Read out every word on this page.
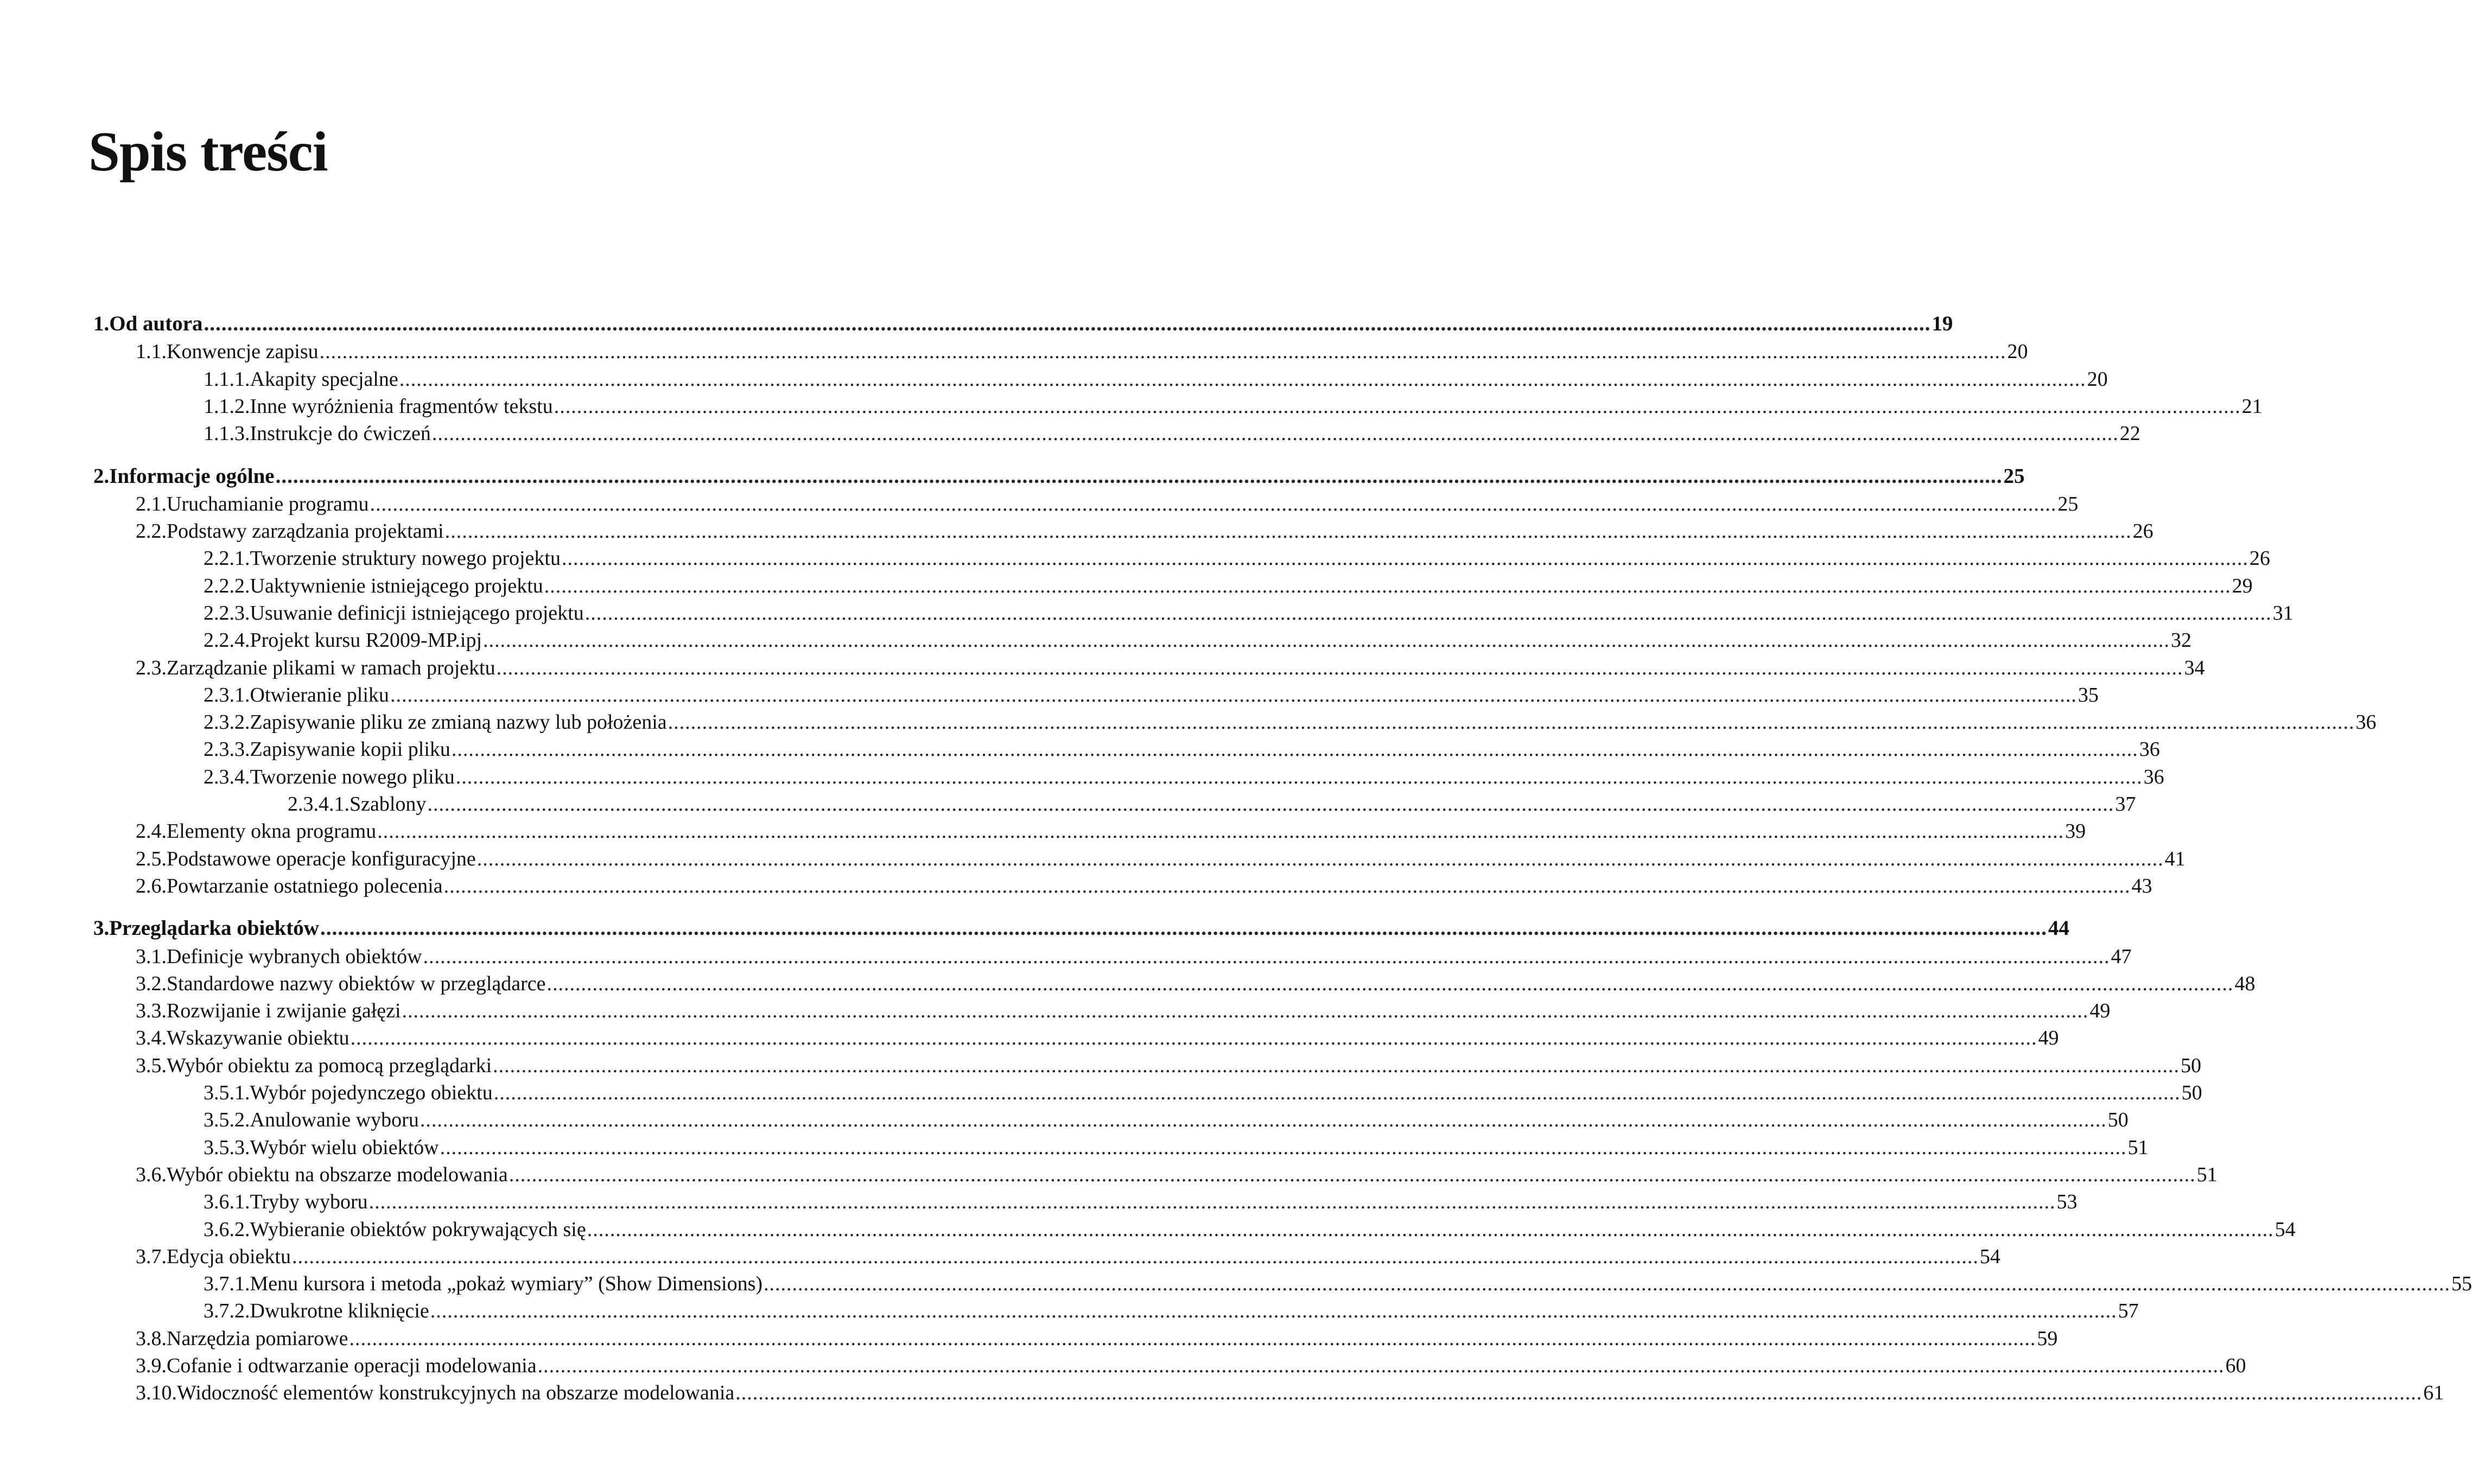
Spis treści
1. Od autora ........................................................................................................................................................................................................................................................................................................ 19
1.1. Konwencje zapisu ........................................................................................................................................................................................................................................................................................................ 20
1.1.1. Akapity specjalne ........................................................................................................................................................................................................................................................................................................ 20
1.1.2. Inne wyróżnienia fragmentów tekstu ........................................................................................................................................................................................................................................................................................................ 21
1.1.3. Instrukcje do ćwiczeń ........................................................................................................................................................................................................................................................................................................ 22
2. Informacje ogólne ........................................................................................................................................................................................................................................................................................................ 25
2.1. Uruchamianie programu ........................................................................................................................................................................................................................................................................................................ 25
2.2. Podstawy zarządzania projektami ........................................................................................................................................................................................................................................................................................................ 26
2.2.1. Tworzenie struktury nowego projektu ........................................................................................................................................................................................................................................................................................................ 26
2.2.2. Uaktywnienie istniejącego projektu ........................................................................................................................................................................................................................................................................................................ 29
2.2.3. Usuwanie definicji istniejącego projektu ........................................................................................................................................................................................................................................................................................................ 31
2.2.4. Projekt kursu R2009-MP.ipj ........................................................................................................................................................................................................................................................................................................ 32
2.3. Zarządzanie plikami w ramach projektu ........................................................................................................................................................................................................................................................................................................ 34
2.3.1. Otwieranie pliku ........................................................................................................................................................................................................................................................................................................ 35
2.3.2. Zapisywanie pliku ze zmianą nazwy lub położenia ........................................................................................................................................................................................................................................................................................................ 36
2.3.3. Zapisywanie kopii pliku ........................................................................................................................................................................................................................................................................................................ 36
2.3.4. Tworzenie nowego pliku ........................................................................................................................................................................................................................................................................................................ 36
2.3.4.1. Szablony ........................................................................................................................................................................................................................................................................................................ 37
2.4. Elementy okna programu ........................................................................................................................................................................................................................................................................................................ 39
2.5. Podstawowe operacje konfiguracyjne ........................................................................................................................................................................................................................................................................................................ 41
2.6. Powtarzanie ostatniego polecenia ........................................................................................................................................................................................................................................................................................................ 43
3. Przeglądarka obiektów ........................................................................................................................................................................................................................................................................................................ 44
3.1. Definicje wybranych obiektów ........................................................................................................................................................................................................................................................................................................ 47
3.2. Standardowe nazwy obiektów w przeglądarce ........................................................................................................................................................................................................................................................................................................ 48
3.3. Rozwijanie i zwijanie gałęzi ........................................................................................................................................................................................................................................................................................................ 49
3.4. Wskazywanie obiektu ........................................................................................................................................................................................................................................................................................................ 49
3.5. Wybór obiektu za pomocą przeglądarki ........................................................................................................................................................................................................................................................................................................ 50
3.5.1. Wybór pojedynczego obiektu ........................................................................................................................................................................................................................................................................................................ 50
3.5.2. Anulowanie wyboru ........................................................................................................................................................................................................................................................................................................ 50
3.5.3. Wybór wielu obiektów ........................................................................................................................................................................................................................................................................................................ 51
3.6. Wybór obiektu na obszarze modelowania ........................................................................................................................................................................................................................................................................................................ 51
3.6.1. Tryby wyboru ........................................................................................................................................................................................................................................................................................................ 53
3.6.2. Wybieranie obiektów pokrywających się ........................................................................................................................................................................................................................................................................................................ 54
3.7. Edycja obiektu ........................................................................................................................................................................................................................................................................................................ 54
3.7.1. Menu kursora i metoda „pokaż wymiary” (Show Dimensions) ........................................................................................................................................................................................................................................................................................................ 55
3.7.2. Dwukrotne kliknięcie ........................................................................................................................................................................................................................................................................................................ 57
3.8. Narzędzia pomiarowe ........................................................................................................................................................................................................................................................................................................ 59
3.9. Cofanie i odtwarzanie operacji modelowania ........................................................................................................................................................................................................................................................................................................ 60
3.10. Widoczność elementów konstrukcyjnych na obszarze modelowania ........................................................................................................................................................................................................................................................................................................ 61
